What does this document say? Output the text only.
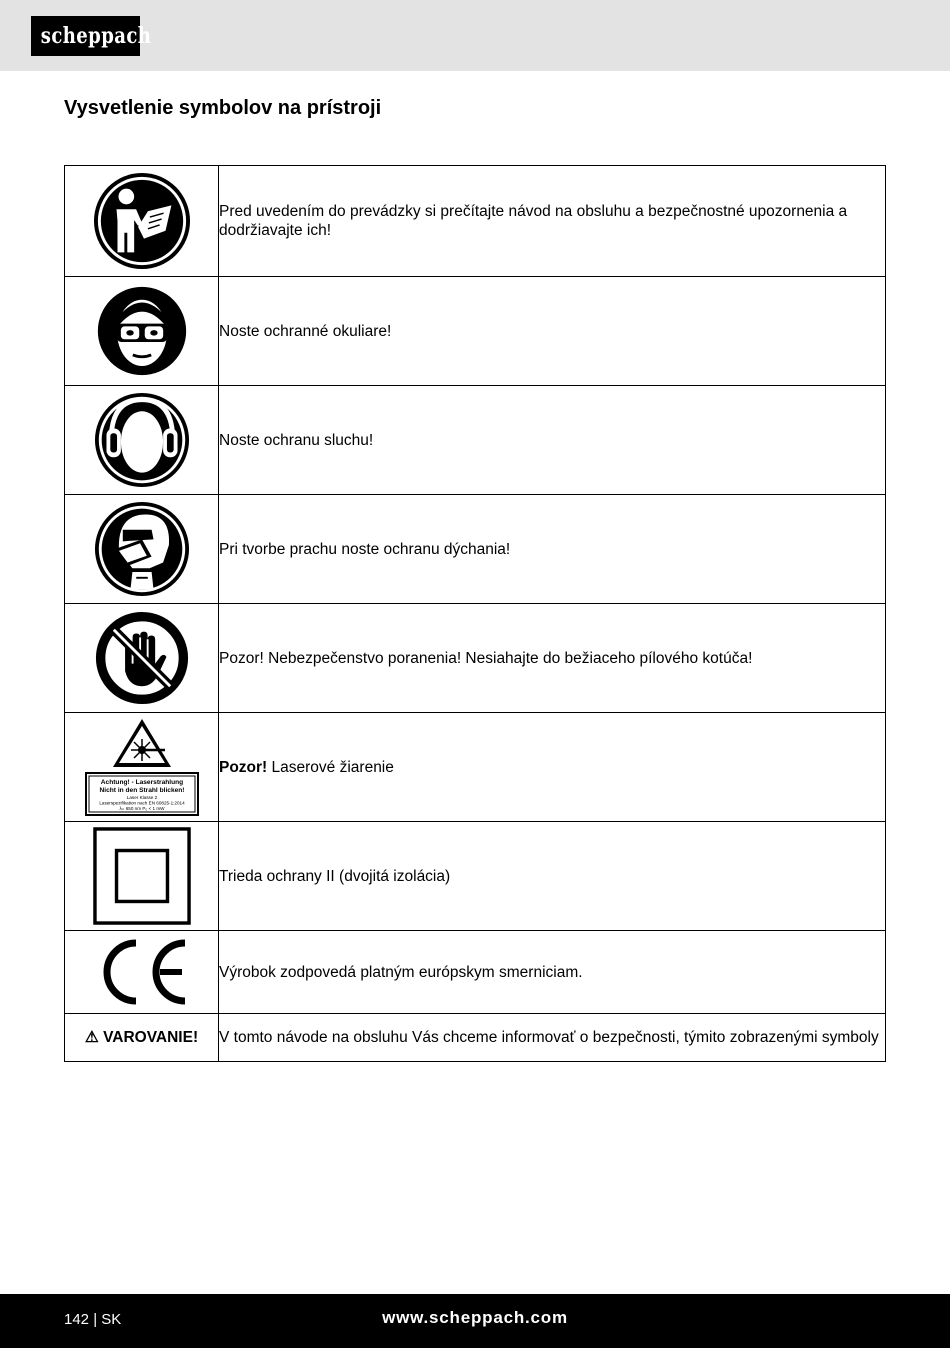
scheppach
Vysvetlenie symbolov na prístroji
	Pred uvedením do prevádzky si prečítajte návod na obsluhu a bezpečnostné upozornenia a dodržiavajte ich!

	Noste ochranné okuliare!

	Noste ochranu sluchu!

	Pri tvorbe prachu noste ochranu dýchania!

	Pozor! Nebezpečenstvo poranenia! Nesiahajte do bežiaceho pílového kotúča!

Achtung! - Laserstrahlung
Nicht in den Strahl blicken!
Laser Klasse 2
Laserspezifikation nach EN 60825-1:2014
λ= 650 nm P₀ < 1 mW	Pozor! Laserové žiarenie

	Trieda ochrany II (dvojitá izolácia)

	Výrobok zodpovedá platným európskym smerniciam.
⚠ VAROVANIE!	V tomto návode na obsluhu Vás chceme informovať o bezpečnosti, týmito zobrazenými symboly
142 | SK	www.scheppach.com
